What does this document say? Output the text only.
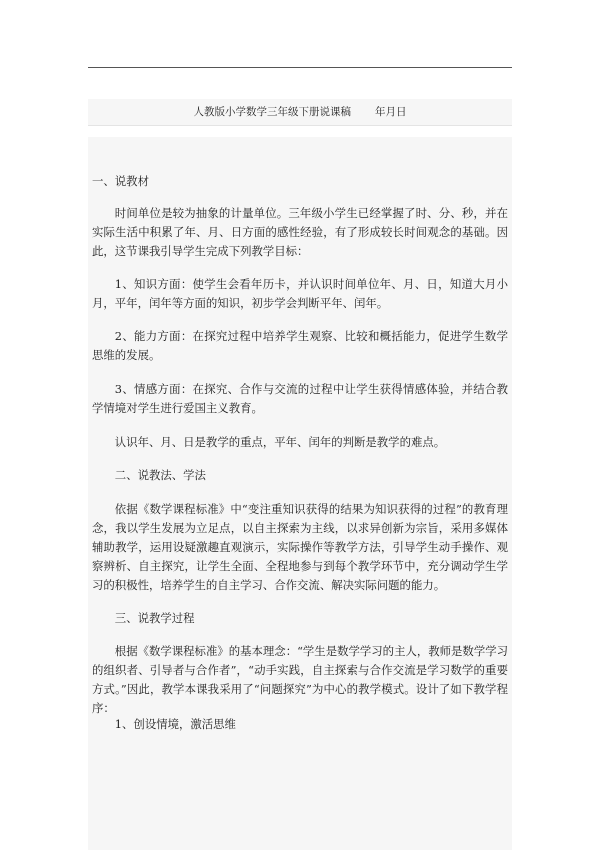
人教版小学数学三年级下册说课稿 年月日

一、说教材

时间单位是较为抽象的计量单位。三年级小学生已经掌握了时、分、秒，并在实际生活中积累了年、月、日方面的感性经验，有了形成较长时间观念的基础。因此，这节课我引导学生完成下列教学目标：

1、知识方面：使学生会看年历卡，并认识时间单位年、月、日，知道大月小月，平年，闰年等方面的知识，初步学会判断平年、闰年。

2、能力方面：在探究过程中培养学生观察、比较和概括能力，促进学生数学思维的发展。

3、情感方面：在探究、合作与交流的过程中让学生获得情感体验，并结合教学情境对学生进行爱国主义教育。

认识年、月、日是教学的重点，平年、闰年的判断是教学的难点。

二、说教法、学法

依据《数学课程标准》中“变注重知识获得的结果为知识获得的过程”的教育理念，我以学生发展为立足点，以自主探索为主线，以求异创新为宗旨，采用多媒体辅助教学，运用设疑激趣直观演示，实际操作等教学方法，引导学生动手操作、观察辨析、自主探究，让学生全面、全程地参与到每个教学环节中，充分调动学生学习的积极性，培养学生的自主学习、合作交流、解决实际问题的能力。

三、说教学过程

根据《数学课程标准》的基本理念：“学生是数学学习的主人，教师是数学学习的组织者、引导者与合作者”，“动手实践，自主探索与合作交流是学习数学的重要方式。”因此，教学本课我采用了“问题探究”为中心的教学模式。设计了如下教学程序：

1、创设情境，激活思维
